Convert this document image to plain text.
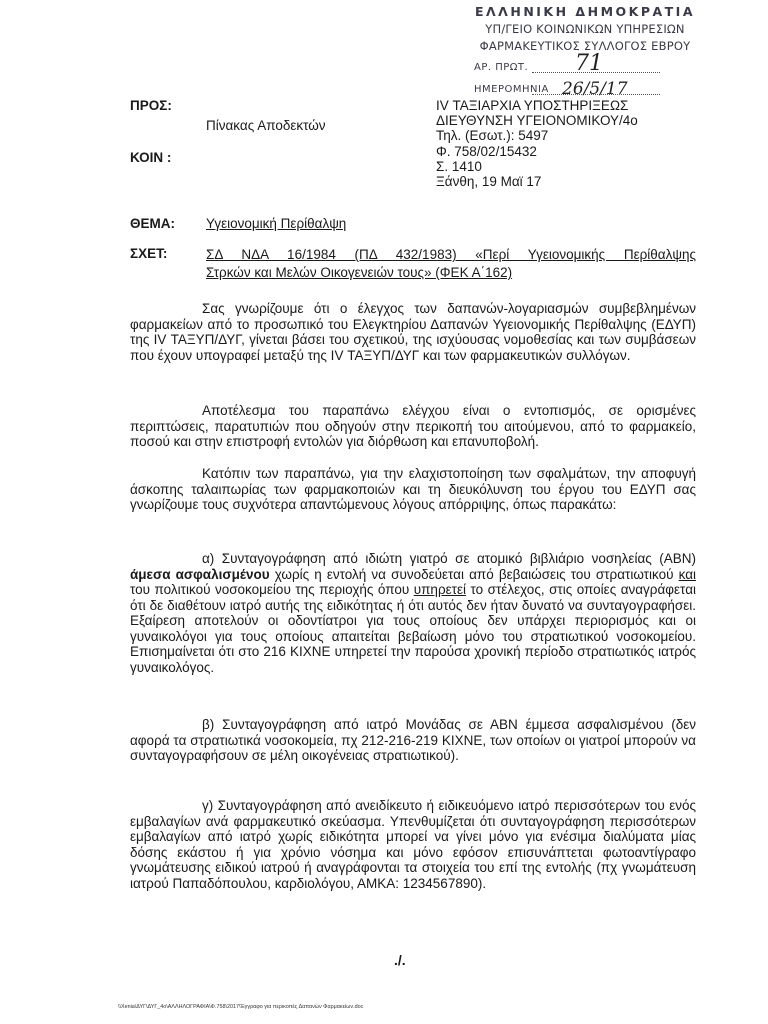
ΕΛΛΗΝΙΚΗ ΔΗΜΟΚΡΑΤΙΑ
ΥΠ/ΓΕΙΟ ΚΟΙΝΩΝΙΚΩΝ ΥΠΗΡΕΣΙΩΝ
ΦΑΡΜΑΚΕΥΤΙΚΟΣ ΣΥΛΛΟΓΟΣ ΕΒΡΟΥ
ΑΡ. ΠΡΩΤ. 71
ΗΜΕΡΟΜΗΝΙΑ 26/5/17
ΠΡΟΣ:
Πίνακας Αποδεκτών
ΚΟΙΝ :
IV ΤΑΞΙΑΡΧΙΑ ΥΠΟΣΤΗΡΙΞΕΩΣ
ΔΙΕΥΘΥΝΣΗ ΥΓΕΙΟΝΟΜΙΚΟΥ/4ο
Τηλ. (Εσωτ.): 5497
Φ. 758/02/15432
Σ. 1410
Ξάνθη, 19 Μαϊ 17
ΘΕΜΑ: Υγειονομική Περίθαλψη
ΣΧΕΤ:	ΣΔ ΝΔΑ 16/1984 (ΠΔ 432/1983) «Περί Υγειονομικής Περίθαλψης
Στρκών και Μελών Οικογενειών τους» (ΦΕΚ Α΄162)

Σας γνωρίζουμε ότι ο έλεγχος των δαπανών-λογαριασμών συμβεβλημένων φαρμακείων από το προσωπικό του Ελεγκτηρίου Δαπανών Υγειονομικής Περίθαλψης (ΕΔΥΠ) της IV ΤΑΞΥΠ/ΔΥΓ, γίνεται βάσει του σχετικού, της ισχύουσας νομοθεσίας και των συμβάσεων που έχουν υπογραφεί μεταξύ της IV ΤΑΞΥΠ/ΔΥΓ και των φαρμακευτικών συλλόγων.

Αποτέλεσμα του παραπάνω ελέγχου είναι ο εντοπισμός, σε ορισμένες περιπτώσεις, παρατυπιών που οδηγούν στην περικοπή του αιτούμενου, από το φαρμακείο, ποσού και στην επιστροφή εντολών για διόρθωση και επανυποβολή.

Κατόπιν των παραπάνω, για την ελαχιστοποίηση των σφαλμάτων, την αποφυγή άσκοπης ταλαιπωρίας των φαρμακοποιών και τη διευκόλυνση του έργου του ΕΔΥΠ σας γνωρίζουμε τους συχνότερα απαντώμενους λόγους απόρριψης, όπως παρακάτω:

α) Συνταγογράφηση από ιδιώτη γιατρό σε ατομικό βιβλιάριο νοσηλείας (ΑΒΝ) άμεσα ασφαλισμένου χωρίς η εντολή να συνοδεύεται από βεβαιώσεις του στρατιωτικού και του πολιτικού νοσοκομείου της περιοχής όπου υπηρετεί το στέλεχος, στις οποίες αναγράφεται ότι δε διαθέτουν ιατρό αυτής της ειδικότητας ή ότι αυτός δεν ήταν δυνατό να συνταγογραφήσει. Εξαίρεση αποτελούν οι οδοντίατροι για τους οποίους δεν υπάρχει περιορισμός και οι γυναικολόγοι για τους οποίους απαιτείται βεβαίωση μόνο του στρατιωτικού νοσοκομείου. Επισημαίνεται ότι στο 216 ΚΙΧΝΕ υπηρετεί την παρούσα χρονική περίοδο στρατιωτικός ιατρός γυναικολόγος.

β) Συνταγογράφηση από ιατρό Μονάδας σε ΑΒΝ έμμεσα ασφαλισμένου (δεν αφορά τα στρατιωτικά νοσοκομεία, πχ 212-216-219 ΚΙΧΝΕ, των οποίων οι γιατροί μπορούν να συνταγογραφήσουν σε μέλη οικογένειας στρατιωτικού).

γ) Συνταγογράφηση από ανειδίκευτο ή ειδικευόμενο ιατρό περισσότερων του ενός εμβαλαγίων ανά φαρμακευτικό σκεύασμα. Υπενθυμίζεται ότι συνταγογράφηση περισσότερων εμβαλαγίων από ιατρό χωρίς ειδικότητα μπορεί να γίνει μόνο για ενέσιμα διαλύματα μίας δόσης εκάστου ή για χρόνιο νόσημα και μόνο εφόσον επισυνάπτεται φωτοαντίγραφο γνωμάτευσης ειδικού ιατρού ή αναγράφονται τα στοιχεία του επί της εντολής (πχ γνωμάτευση ιατρού Παπαδόπουλου, καρδιολόγου, ΑΜΚΑ: 1234567890).

./.
\\Xenia\ΔΥΓ\ΔΥΓ_4ο\ΑΛΛΗΛΟΓΡΑΦΙΑ\Φ.758\2017\Έγγραφο για περικοπές Δαπανών Φαρμακείων.doc
